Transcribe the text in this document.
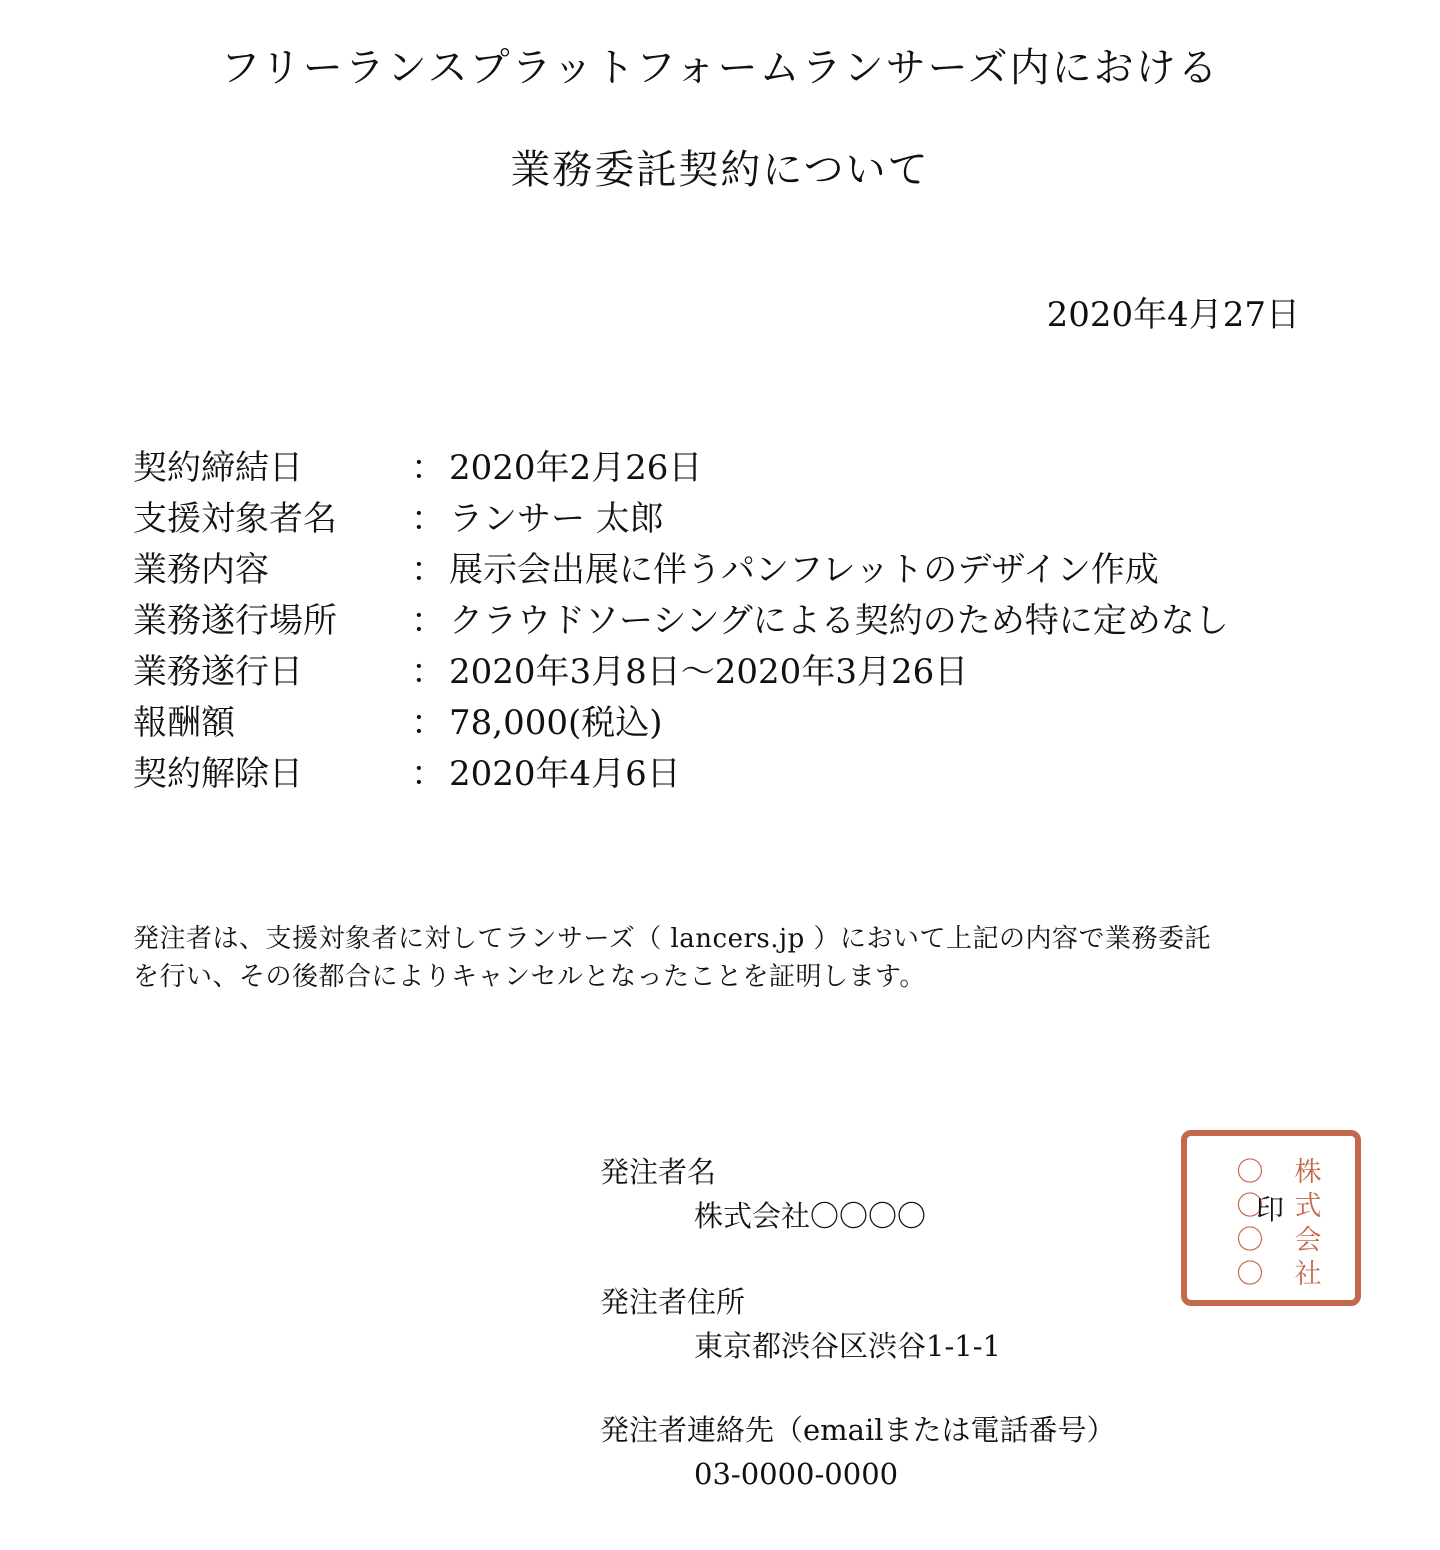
フリーランスプラットフォームランサーズ内における
業務委託契約について
2020年4月27日
契約締結日	： 2020年2月26日
支援対象者名 ： ランサー 太郎
業務内容	： 展示会出展に伴うパンフレットのデザイン作成
業務遂行場所 ： クラウドソーシングによる契約のため特に定めなし
業務遂行日	： 2020年3月8日〜2020年3月26日
報酬額	： 78,000(税込)
契約解除日	： 2020年4月6日
発注者は、支援対象者に対してランサーズ（ lancers.jp ）において上記の内容で業務委託
を行い、その後都合によりキャンセルとなったことを証明します。
発注者名
株式会社〇〇〇〇
発注者住所
東京都渋谷区渋谷1-1-1
発注者連絡先（emailまたは電話番号）
03-0000-0000
〇
〇
〇
〇
株
式
会
社
印
